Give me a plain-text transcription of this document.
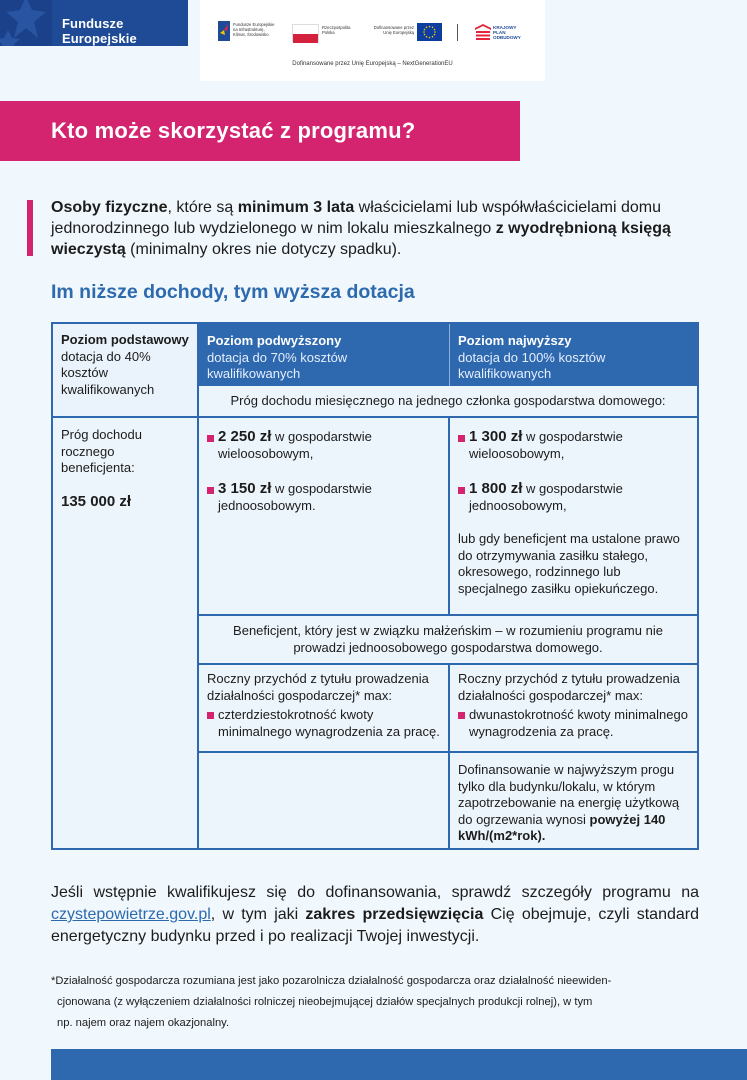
Fundusze Europejskie
Fundusze Europejskie
na Infrastrukturę,
Klimat, Środowisko
Rzeczpospolita
Polska
Dofinansowane przez
Unię Europejską
KRAJOWY
PLAN
ODBUDOWY
Dofinansowane przez Unię Europejską – NextGenerationEU
Kto może skorzystać z programu?

Osoby fizyczne, które są minimum 3 lata właścicielami lub współwłaścicielami domu jednorodzinnego lub wydzielonego w nim lokalu mieszkalnego z wyodrębnioną księgą wieczystą (minimalny okres nie dotyczy spadku).

Im niższe dochody, tym wyższa dotacja
Poziom podstawowy
dotacja do 40% kosztów kwalifikowanych
Poziom podwyższony
dotacja do 70% kosztów kwalifikowanych
Poziom najwyższy
dotacja do 100% kosztów kwalifikowanych
Próg dochodu miesięcznego na jednego członka gospodarstwa domowego:
Próg dochodu rocznego beneficjenta:
135 000 zł
2 250 zł w gospodarstwie wieloosobowym,
3 150 zł w gospodarstwie jednoosobowym.
1 300 zł w gospodarstwie wieloosobowym,
1 800 zł w gospodarstwie jednoosobowym,
lub gdy beneficjent ma ustalone prawo do otrzymywania zasiłku stałego, okresowego, rodzinnego lub specjalnego zasiłku opiekuńczego.
Beneficjent, który jest w związku małżeńskim – w rozumieniu programu nie prowadzi jednoosobowego gospodarstwa domowego.
Roczny przychód z tytułu prowadzenia działalności gospodarczej* max:
czterdziestokrotność kwoty minimalnego wynagrodzenia za pracę.
Roczny przychód z tytułu prowadzenia działalności gospodarczej* max:
dwunastokrotność kwoty minimalnego wynagrodzenia za pracę.
Dofinansowanie w najwyższym progu tylko dla budynku/lokalu, w którym zapotrzebowanie na energię użytkową do ogrzewania wynosi powyżej 140 kWh/(m2*rok).

Jeśli wstępnie kwalifikujesz się do dofinansowania, sprawdź szczegóły programu na czystepowietrze.gov.pl, w tym jaki zakres przedsięwzięcia Cię obejmuje, czyli standard energetyczny budynku przed i po realizacji Twojej inwestycji.

*Działalność gospodarcza rozumiana jest jako pozarolnicza działalność gospodarcza oraz działalność nieewiden-
cjonowana (z wyłączeniem działalności rolniczej nieobejmującej działów specjalnych produkcji rolnej), w tym
np. najem oraz najem okazjonalny.
